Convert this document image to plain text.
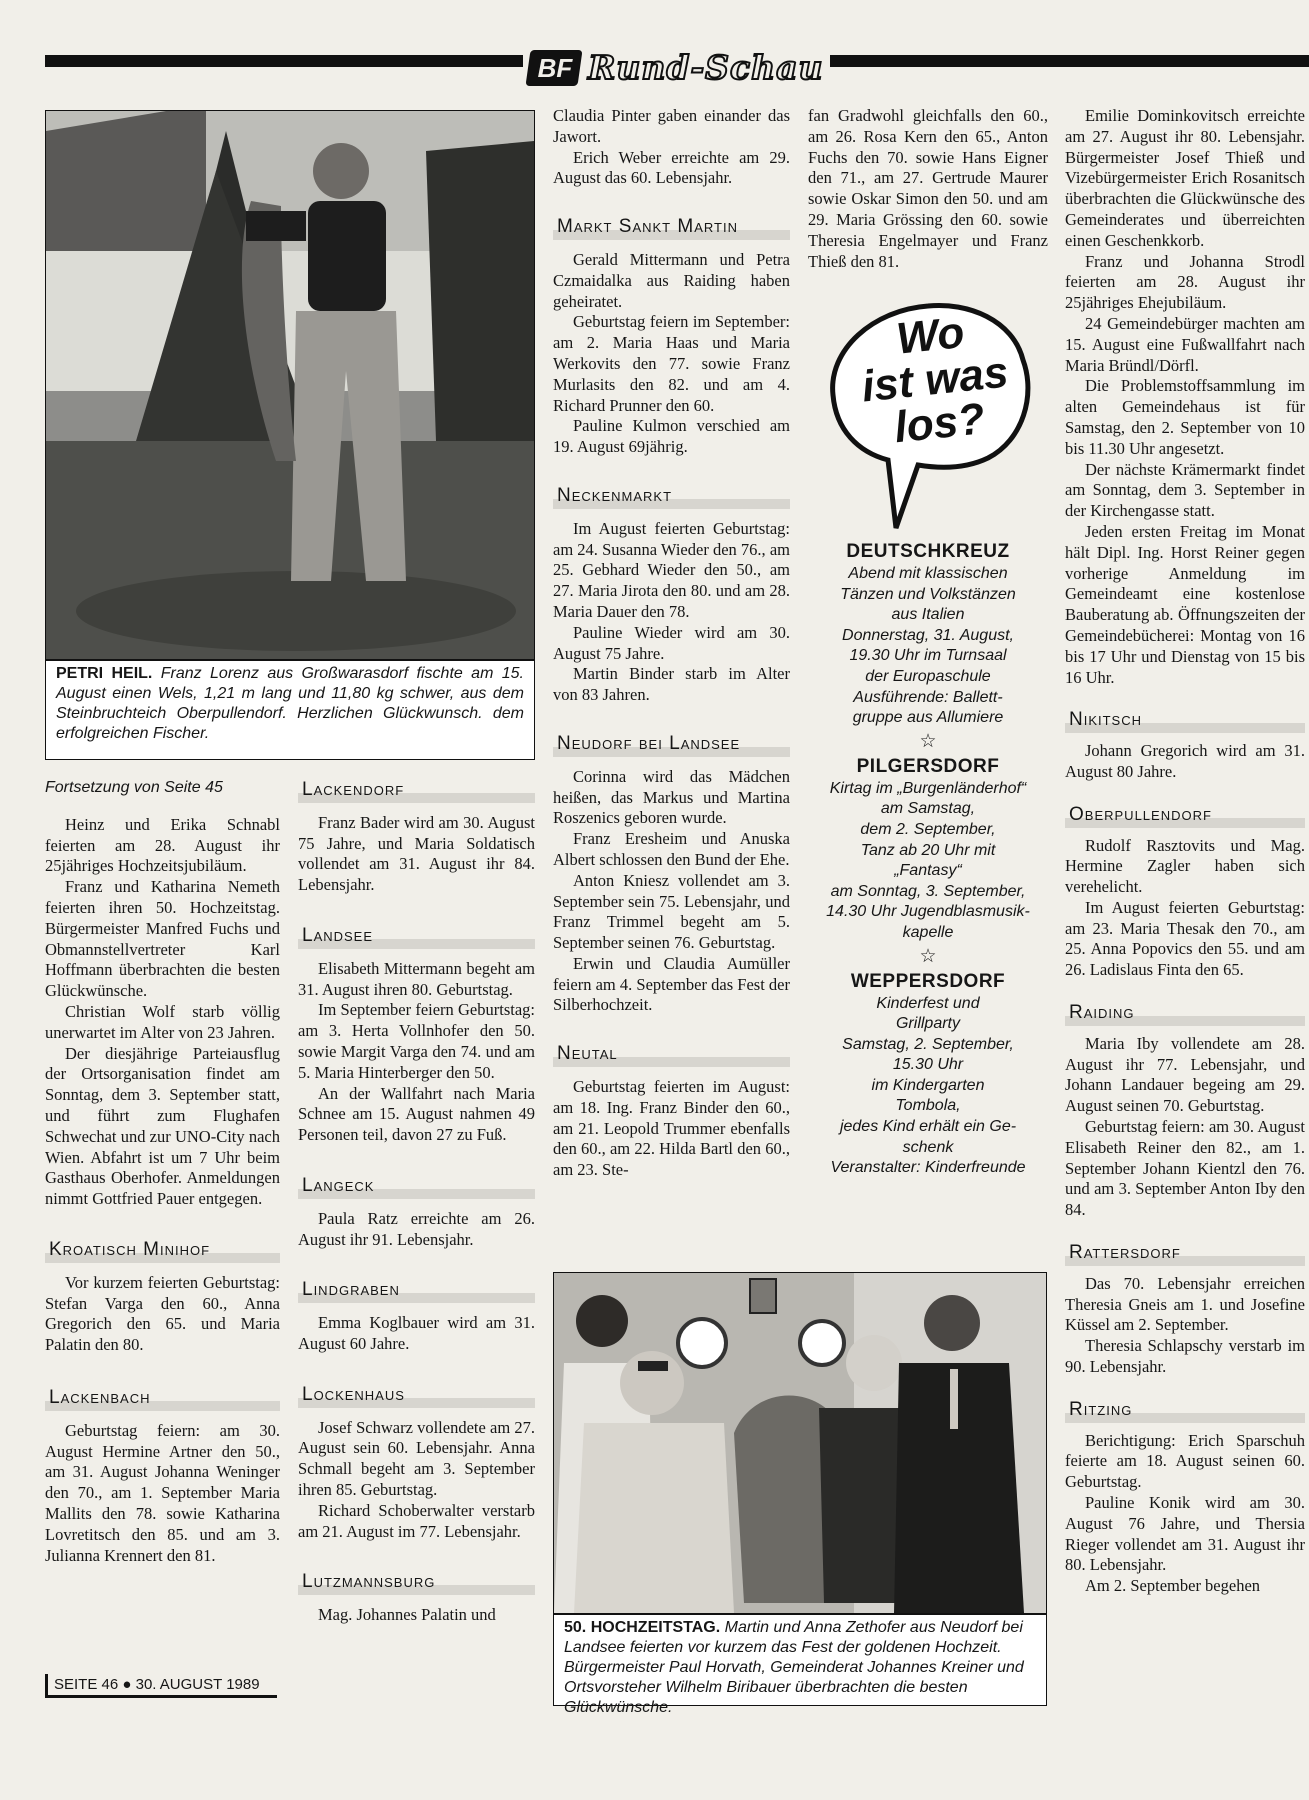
BF Rund-Schau
PETRI HEIL. Franz Lorenz aus Großwarasdorf fischte am 15. August einen Wels, 1,21 m lang und 11,80 kg schwer, aus dem Steinbruchteich Oberpullendorf. Herzlichen Glückwunsch. dem erfolgreichen Fischer.
Fortsetzung von Seite 45

Heinz und Erika Schnabl feierten am 28. August ihr 25jähriges Hochzeitsjubiläum.

Franz und Katharina Nemeth feierten ihren 50. Hochzeitstag. Bürgermeister Manfred Fuchs und Obmannstellvertreter Karl Hoffmann überbrachten die besten Glückwünsche.

Christian Wolf starb völlig unerwartet im Alter von 23 Jahren.

Der diesjährige Parteiausflug der Ortsorganisation findet am Sonntag, dem 3. September statt, und führt zum Flughafen Schwechat und zur UNO-City nach Wien. Abfahrt ist um 7 Uhr beim Gasthaus Oberhofer. Anmeldungen nimmt Gottfried Pauer entgegen.

Kroatisch Minihof

Vor kurzem feierten Geburtstag: Stefan Varga den 60., Anna Gregorich den 65. und Maria Palatin den 80.

Lackenbach

Geburtstag feiern: am 30. August Hermine Artner den 50., am 31. August Johanna Weninger den 70., am 1. September Maria Mallits den 78. sowie Katharina Lovretitsch den 85. und am 3. Julianna Krennert den 81.

Lackendorf

Franz Bader wird am 30. August 75 Jahre, und Maria Soldatisch vollendet am 31. August ihr 84. Lebensjahr.

Landsee

Elisabeth Mittermann begeht am 31. August ihren 80. Geburtstag.

Im September feiern Geburtstag: am 3. Herta Vollnhofer den 50. sowie Margit Varga den 74. und am 5. Maria Hinterberger den 50.

An der Wallfahrt nach Maria Schnee am 15. August nahmen 49 Personen teil, davon 27 zu Fuß.

Langeck

Paula Ratz erreichte am 26. August ihr 91. Lebensjahr.

Lindgraben

Emma Koglbauer wird am 31. August 60 Jahre.

Lockenhaus

Josef Schwarz vollendete am 27. August sein 60. Lebensjahr. Anna Schmall begeht am 3. September ihren 85. Geburtstag.

Richard Schoberwalter verstarb am 21. August im 77. Lebensjahr.

Lutzmannsburg

Mag. Johannes Palatin und

Claudia Pinter gaben einander das Jawort.

Erich Weber erreichte am 29. August das 60. Lebensjahr.

Markt Sankt Martin

Gerald Mittermann und Petra Czmaidalka aus Raiding haben geheiratet.

Geburtstag feiern im September: am 2. Maria Haas und Maria Werkovits den 77. sowie Franz Murlasits den 82. und am 4. Richard Prunner den 60.

Pauline Kulmon verschied am 19. August 69jährig.

Neckenmarkt

Im August feierten Geburtstag: am 24. Susanna Wieder den 76., am 25. Gebhard Wieder den 50., am 27. Maria Jirota den 80. und am 28. Maria Dauer den 78.

Pauline Wieder wird am 30. August 75 Jahre.

Martin Binder starb im Alter von 83 Jahren.

Neudorf bei Landsee

Corinna wird das Mädchen heißen, das Markus und Martina Roszenics geboren wurde.

Franz Eresheim und Anuska Albert schlossen den Bund der Ehe.

Anton Kniesz vollendet am 3. September sein 75. Lebensjahr, und Franz Trimmel begeht am 5. September seinen 76. Geburtstag.

Erwin und Claudia Aumüller feiern am 4. September das Fest der Silberhochzeit.

Neutal

Geburtstag feierten im August: am 18. Ing. Franz Binder den 60., am 21. Leopold Trummer ebenfalls den 60., am 22. Hilda Bartl den 60., am 23. Ste-

fan Gradwohl gleichfalls den 60., am 26. Rosa Kern den 65., Anton Fuchs den 70. sowie Hans Eigner den 71., am 27. Gertrude Maurer sowie Oskar Simon den 50. und am 29. Maria Grössing den 60. sowie Theresia Engelmayer und Franz Thieß den 81.

Wo
ist was
los?
DEUTSCHKREUZ
Abend mit klassischen
Tänzen und Volkstänzen
aus Italien
Donnerstag, 31. August,
19.30 Uhr im Turnsaal
der Europaschule
Ausführende: Ballett-
gruppe aus Allumiere
☆
PILGERSDORF
Kirtag im „Burgenländerhof“
am Samstag,
dem 2. September,
Tanz ab 20 Uhr mit
„Fantasy“
am Sonntag, 3. September,
14.30 Uhr Jugendblasmusik-
kapelle
☆
WEPPERSDORF
Kinderfest und
Grillparty
Samstag, 2. September,
15.30 Uhr
im Kindergarten
Tombola,
jedes Kind erhält ein Ge-
schenk
Veranstalter: Kinderfreunde
50. HOCHZEITSTAG. Martin und Anna Zethofer aus Neudorf bei Landsee feierten vor kurzem das Fest der goldenen Hochzeit. Bürgermeister Paul Horvath, Gemeinderat Johannes Kreiner und Ortsvorsteher Wilhelm Biribauer überbrachten die besten Glückwünsche.

Emilie Dominkovitsch erreichte am 27. August ihr 80. Lebensjahr. Bürgermeister Josef Thieß und Vizebürgermeister Erich Rosanitsch überbrachten die Glückwünsche des Gemeinderates und überreichten einen Geschenkkorb.

Franz und Johanna Strodl feierten am 28. August ihr 25jähriges Ehejubiläum.

24 Gemeindebürger machten am 15. August eine Fußwallfahrt nach Maria Bründl/Dörfl.

Die Problemstoffsammlung im alten Gemeindehaus ist für Samstag, den 2. September von 10 bis 11.30 Uhr angesetzt.

Der nächste Krämermarkt findet am Sonntag, dem 3. September in der Kirchengasse statt.

Jeden ersten Freitag im Monat hält Dipl. Ing. Horst Reiner gegen vorherige Anmeldung im Gemeindeamt eine kostenlose Bauberatung ab. Öffnungszeiten der Gemeindebücherei: Montag von 16 bis 17 Uhr und Dienstag von 15 bis 16 Uhr.

Nikitsch

Johann Gregorich wird am 31. August 80 Jahre.

Oberpullendorf

Rudolf Rasztovits und Mag. Hermine Zagler haben sich verehelicht.

Im August feierten Geburtstag: am 23. Maria Thesak den 70., am 25. Anna Popovics den 55. und am 26. Ladislaus Finta den 65.

Raiding

Maria Iby vollendete am 28. August ihr 77. Lebensjahr, und Johann Landauer begeing am 29. August seinen 70. Geburtstag.

Geburtstag feiern: am 30. August Elisabeth Reiner den 82., am 1. September Johann Kientzl den 76. und am 3. September Anton Iby den 84.

Rattersdorf

Das 70. Lebensjahr erreichen Theresia Gneis am 1. und Josefine Küssel am 2. September.

Theresia Schlapschy verstarb im 90. Lebensjahr.

Ritzing

Berichtigung: Erich Sparschuh feierte am 18. August seinen 60. Geburtstag.

Pauline Konik wird am 30. August 76 Jahre, und Thersia Rieger vollendet am 31. August ihr 80. Lebensjahr.

Am 2. September begehen

SEITE 46 ● 30. AUGUST 1989
